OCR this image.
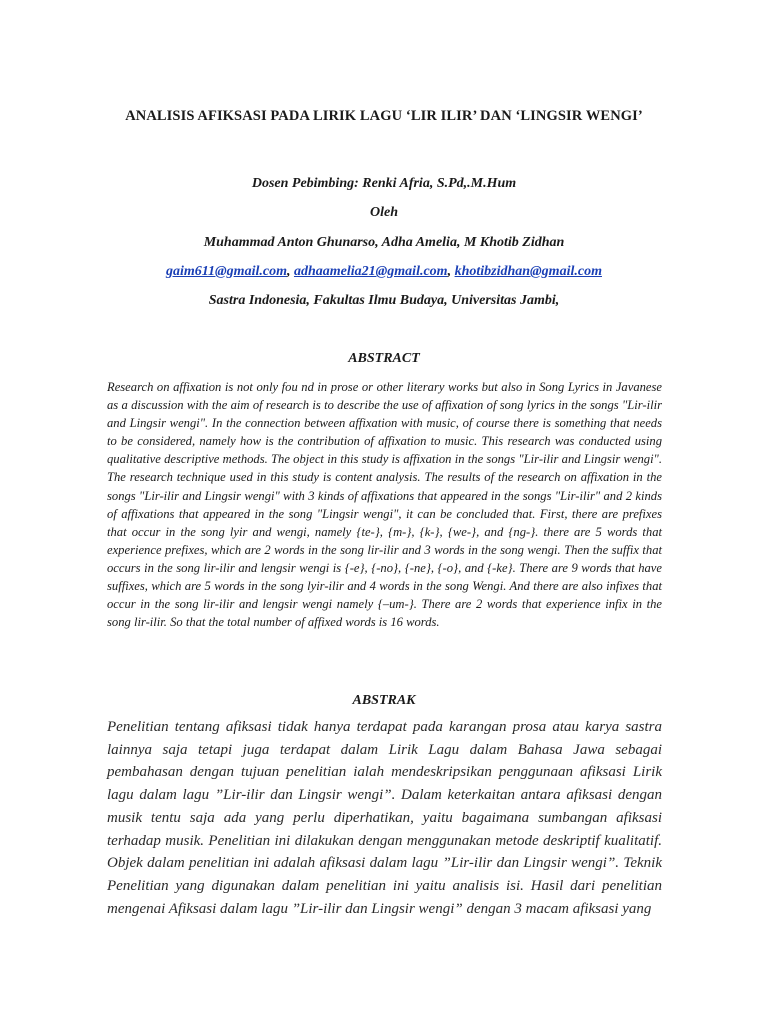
ANALISIS AFIKSASI PADA LIRIK LAGU ‘LIR ILIR’ DAN ‘LINGSIR WENGI’

Dosen Pebimbing: Renki Afria, S.Pd,.M.Hum

Oleh

Muhammad Anton Ghunarso, Adha Amelia, M Khotib Zidhan

gaim611@gmail.com, adhaamelia21@gmail.com, khotibzidhan@gmail.com

Sastra Indonesia, Fakultas Ilmu Budaya, Universitas Jambi,

ABSTRACT

Research on affixation is not only fou nd in prose or other literary works but also in Song Lyrics in Javanese as a discussion with the aim of research is to describe the use of affixation of song lyrics in the songs "Lir-ilir and Lingsir wengi". In the connection between affixation with music, of course there is something that needs to be considered, namely how is the contribution of affixation to music. This research was conducted using qualitative descriptive methods. The object in this study is affixation in the songs "Lir-ilir and Lingsir wengi". The research technique used in this study is content analysis. The results of the research on affixation in the songs "Lir-ilir and Lingsir wengi" with 3 kinds of affixations that appeared in the songs "Lir-ilir" and 2 kinds of affixations that appeared in the song "Lingsir wengi", it can be concluded that. First, there are prefixes that occur in the song lyir and wengi, namely {te-}, {m-}, {k-}, {we-}, and {ng-}. there are 5 words that experience prefixes, which are 2 words in the song lir-ilir and 3 words in the song wengi. Then the suffix that occurs in the song lir-ilir and lengsir wengi is {-e}, {-no}, {-ne}, {-o}, and {-ke}. There are 9 words that have suffixes, which are 5 words in the song lyir-ilir and 4 words in the song Wengi. And there are also infixes that occur in the song lir-ilir and lengsir wengi namely {–um-}. There are 2 words that experience infix in the song lir-ilir. So that the total number of affixed words is 16 words.

ABSTRAK

Penelitian tentang afiksasi tidak hanya terdapat pada karangan prosa atau karya sastra lainnya saja tetapi juga terdapat dalam Lirik Lagu dalam Bahasa Jawa sebagai pembahasan dengan tujuan penelitian ialah mendeskripsikan penggunaan afiksasi Lirik lagu dalam lagu ”Lir-ilir dan Lingsir wengi”. Dalam keterkaitan antara afiksasi dengan musik tentu saja ada yang perlu diperhatikan, yaitu bagaimana sumbangan afiksasi terhadap musik. Penelitian ini dilakukan dengan menggunakan metode deskriptif kualitatif. Objek dalam penelitian ini adalah afiksasi dalam lagu ”Lir-ilir dan Lingsir wengi”. Teknik Penelitian yang digunakan dalam penelitian ini yaitu analisis isi. Hasil dari penelitian mengenai Afiksasi dalam lagu ”Lir-ilir dan Lingsir wengi” dengan 3 macam afiksasi yang
